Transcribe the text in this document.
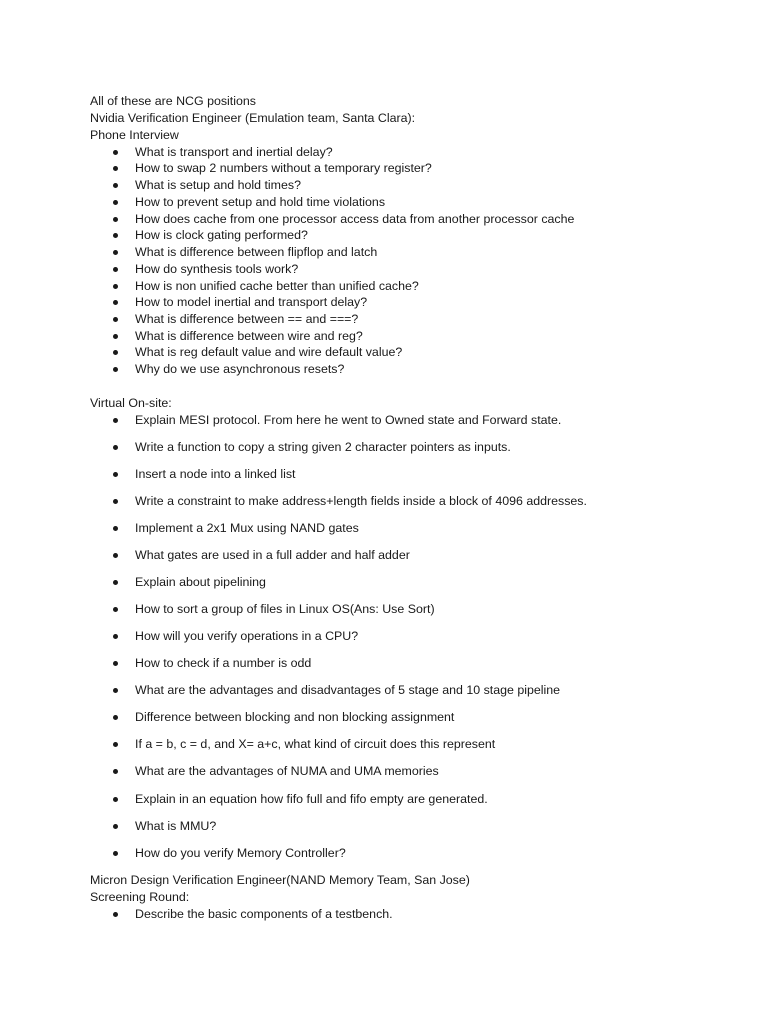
All of these are NCG positions
Nvidia Verification Engineer (Emulation team, Santa Clara):
Phone Interview
What is transport and inertial delay?
How to swap 2 numbers without a temporary register?
What is setup and hold times?
How to prevent setup and hold time violations
How does cache from one processor access data from another processor cache
How is clock gating performed?
What is difference between flipflop and latch
How do synthesis tools work?
How is non unified cache better than unified cache?
How to model inertial and transport delay?
What is difference between == and ===?
What is difference between wire and reg?
What is reg default value and wire default value?
Why do we use asynchronous resets?
Virtual On-site:
Explain MESI protocol. From here he went to Owned state and Forward state.
Write a function to copy a string given 2 character pointers as inputs.
Insert a node into a linked list
Write a constraint to make address+length fields inside a block of 4096 addresses.
Implement a 2x1 Mux using NAND gates
What gates are used in a full adder and half adder
Explain about pipelining
How to sort a group of files in Linux OS(Ans: Use Sort)
How will you verify operations in a CPU?
How to check if a number is odd
What are the advantages and disadvantages of 5 stage and 10 stage pipeline
Difference between blocking and non blocking assignment
If a = b, c = d, and X= a+c, what kind of circuit does this represent
What are the advantages of NUMA and UMA memories
Explain in an equation how fifo full and fifo empty are generated.
What is MMU?
How do you verify Memory Controller?
Micron Design Verification Engineer(NAND Memory Team, San Jose)
Screening Round:
Describe the basic components of a testbench.
